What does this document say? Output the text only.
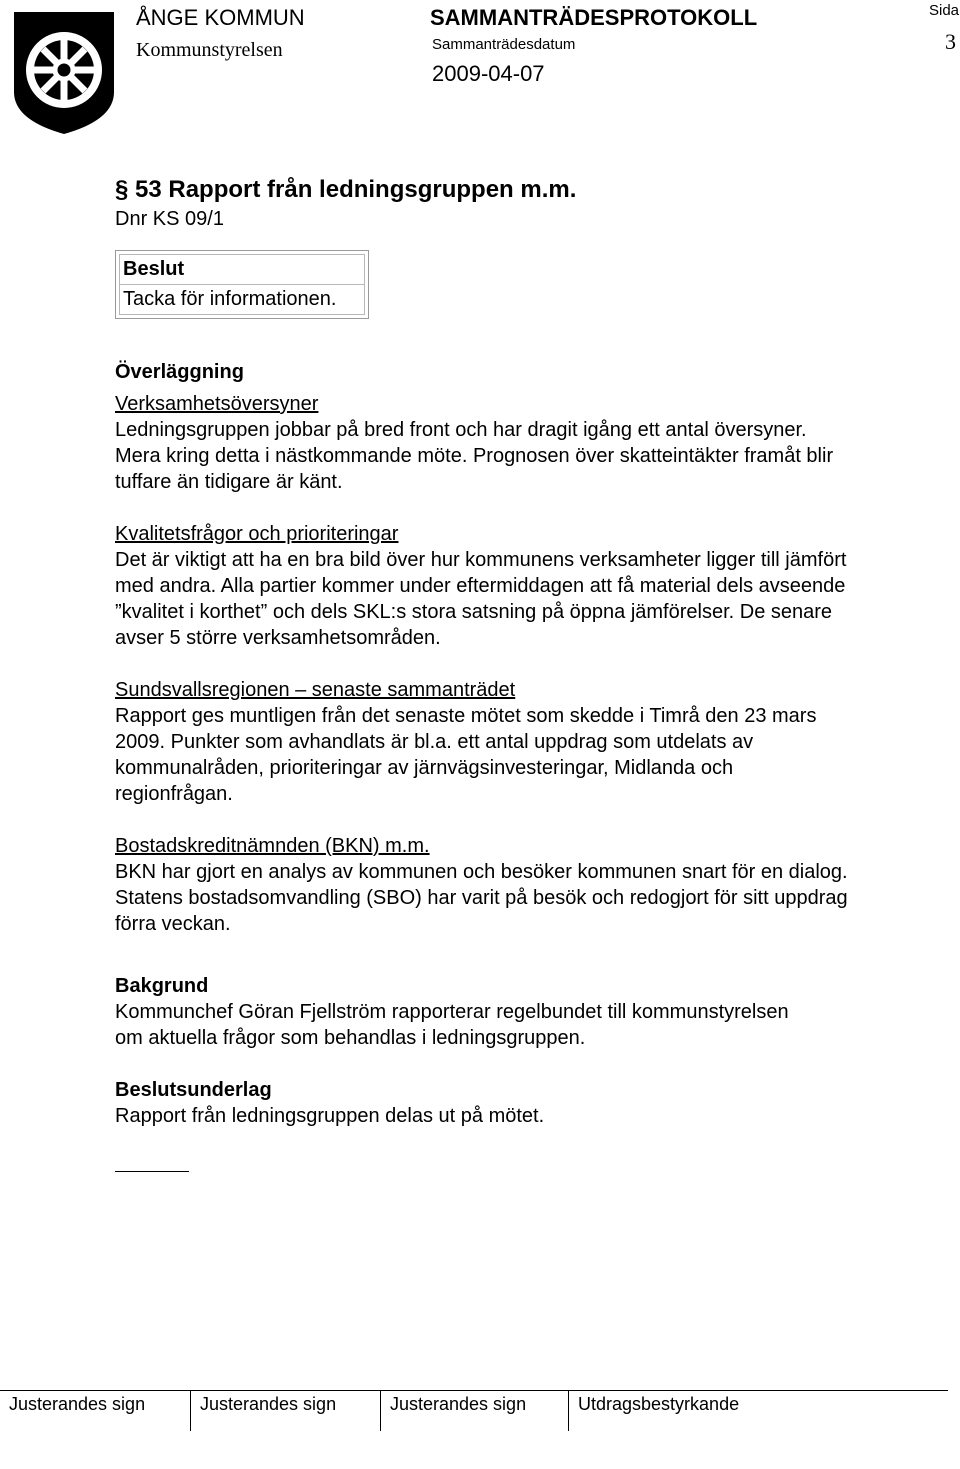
ÅNGE KOMMUN
Kommunstyrelsen
SAMMANTRÄDESPROTOKOLL
Sammanträdesdatum
2009-04-07
Sida
3

§ 53 Rapport från ledningsgruppen m.m.

Dnr KS 09/1

Beslut
Tacka för informationen.

Överläggning

Verksamhetsöversyner

Ledningsgruppen jobbar på bred front och har dragit igång ett antal översyner.

Mera kring detta i nästkommande möte. Prognosen över skatteintäkter framåt blir

tuffare än tidigare är känt.

Kvalitetsfrågor och prioriteringar

Det är viktigt att ha en bra bild över hur kommunens verksamheter ligger till jämfört

med andra. Alla partier kommer under eftermiddagen att få material dels avseende

”kvalitet i korthet” och dels SKL:s stora satsning på öppna jämförelser. De senare

avser 5 större verksamhetsområden.

Sundsvallsregionen – senaste sammanträdet

Rapport ges muntligen från det senaste mötet som skedde i Timrå den 23 mars

2009. Punkter som avhandlats är bl.a. ett antal uppdrag som utdelats av

kommunalråden, prioriteringar av järnvägsinvesteringar, Midlanda och

regionfrågan.

Bostadskreditnämnden (BKN) m.m.

BKN har gjort en analys av kommunen och besöker kommunen snart för en dialog.

Statens bostadsomvandling (SBO) har varit på besök och redogjort för sitt uppdrag

förra veckan.

Bakgrund

Kommunchef Göran Fjellström rapporterar regelbundet till kommunstyrelsen

om aktuella frågor som behandlas i ledningsgruppen.

Beslutsunderlag

Rapport från ledningsgruppen delas ut på mötet.

Justerandes sign	Justerandes sign	Justerandes sign	Utdragsbestyrkande
